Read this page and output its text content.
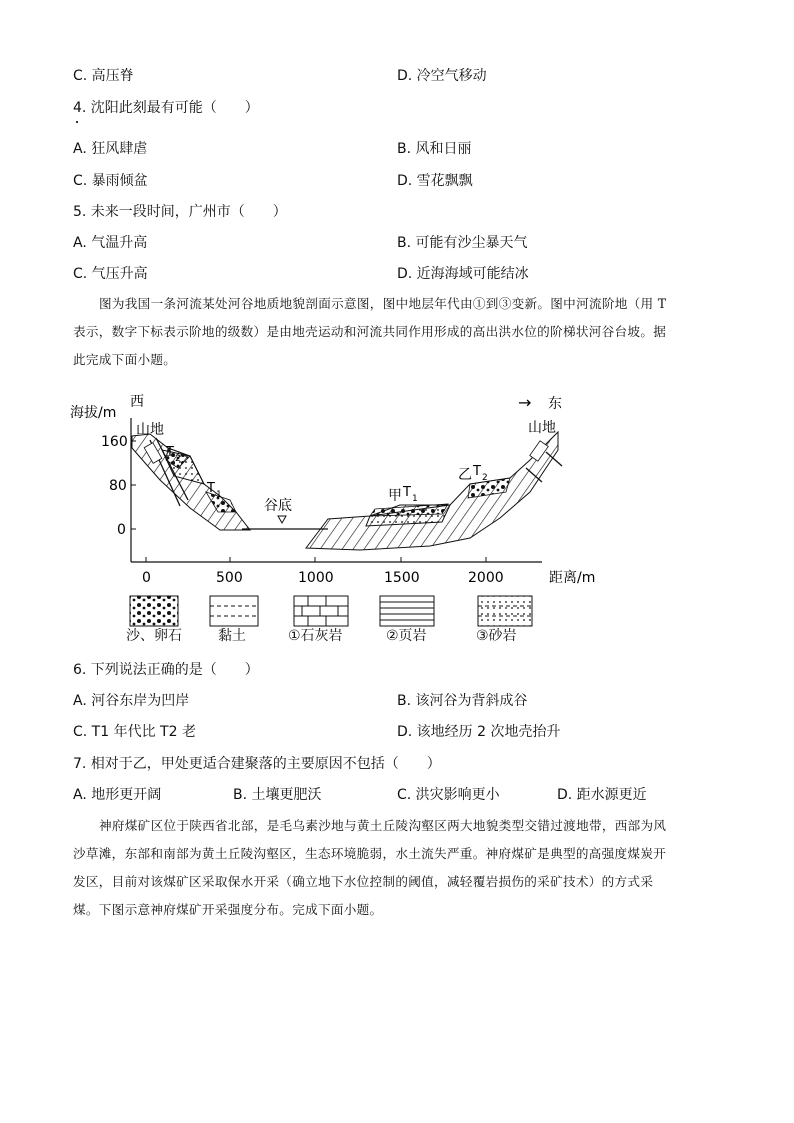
C. 高压脊	D. 冷空气移动
4. 沈阳此刻最有可能（　　）
A. 狂风肆虐	B. 风和日丽
C. 暴雨倾盆	D. 雪花飘飘
5. 未来一段时间，广州市（　　）
A. 气温升高	B. 可能有沙尘暴天气
C. 气压升高	D. 近海海域可能结冰
图为我国一条河流某处河谷地质地貌剖面示意图，图中地层年代由①到③变新。图中河流阶地（用 T
表示，数字下标表示阶地的级数）是由地壳运动和河流共同作用形成的高出洪水位的阶梯状河谷台坡。据
此完成下面小题。
海拔/m
西	→ 东
160
80
0
0	500	1000	1500	2000	距离/m
山地	山地
谷底
T 2
T 1	甲 T 1
乙 T 2
沙、卵石	黏土	①石灰岩	②页岩	③砂岩
6. 下列说法正确的是（　　）
A. 河谷东岸为凹岸	B. 该河谷为背斜成谷
C. T1 年代比 T2 老	D. 该地经历 2 次地壳抬升
7. 相对于乙，甲处更适合建聚落的主要原因不包括（　　）
A. 地形更开阔	B. 土壤更肥沃	C. 洪灾影响更小	D. 距水源更近
神府煤矿区位于陕西省北部，是毛乌素沙地与黄土丘陵沟壑区两大地貌类型交错过渡地带，西部为风
沙草滩，东部和南部为黄土丘陵沟壑区，生态环境脆弱，水土流失严重。神府煤矿是典型的高强度煤炭开
发区，目前对该煤矿区采取保水开采（确立地下水位控制的阈值，减轻覆岩损伤的采矿技术）的方式采
煤。下图示意神府煤矿开采强度分布。完成下面小题。
